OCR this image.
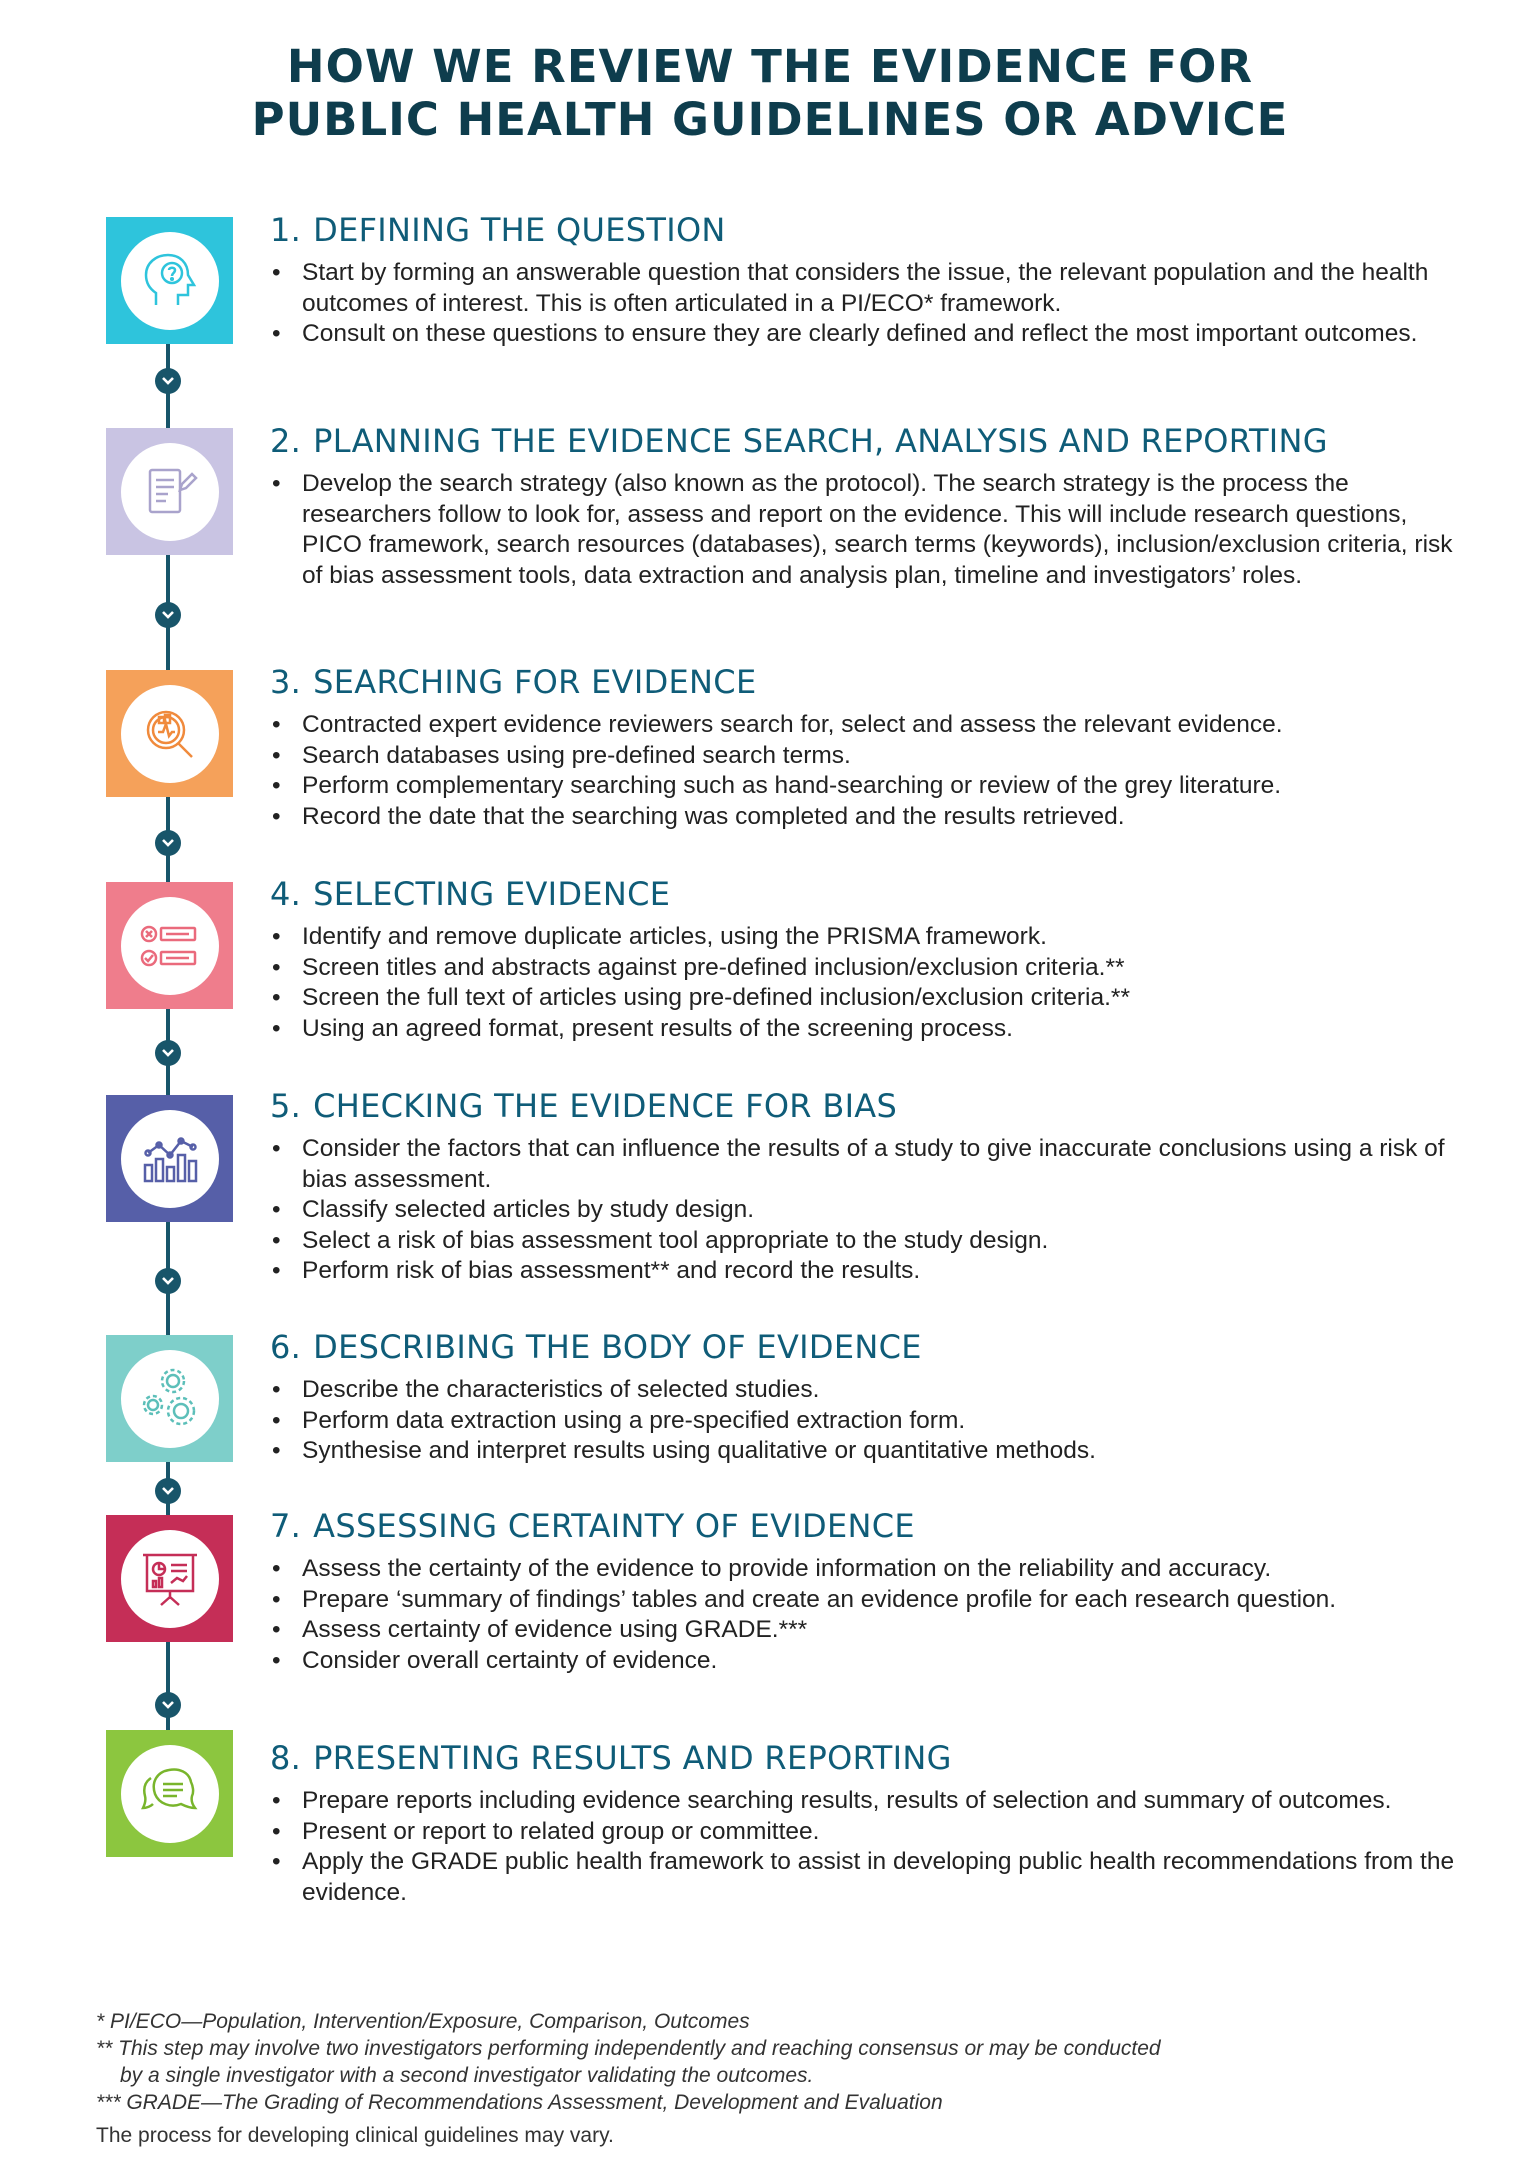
HOW WE REVIEW THE EVIDENCE FOR
PUBLIC HEALTH GUIDELINES OR ADVICE
1. DEFINING THE QUESTION
• Start by forming an answerable question that considers the issue, the relevant population and the health outcomes of interest. This is often articulated in a PI/ECO* framework.
• Consult on these questions to ensure they are clearly defined and reflect the most important outcomes.
2. PLANNING THE EVIDENCE SEARCH, ANALYSIS AND REPORTING
• Develop the search strategy (also known as the protocol). The search strategy is the process the researchers follow to look for, assess and report on the evidence. This will include research questions, PICO framework, search resources (databases), search terms (keywords), inclusion/exclusion criteria, risk of bias assessment tools, data extraction and analysis plan, timeline and investigators’ roles.
3. SEARCHING FOR EVIDENCE
• Contracted expert evidence reviewers search for, select and assess the relevant evidence.
• Search databases using pre-defined search terms.
• Perform complementary searching such as hand-searching or review of the grey literature.
• Record the date that the searching was completed and the results retrieved.
4. SELECTING EVIDENCE
• Identify and remove duplicate articles, using the PRISMA framework.
• Screen titles and abstracts against pre-defined inclusion/exclusion criteria.**
• Screen the full text of articles using pre-defined inclusion/exclusion criteria.**
• Using an agreed format, present results of the screening process.
5. CHECKING THE EVIDENCE FOR BIAS
• Consider the factors that can influence the results of a study to give inaccurate conclusions using a risk of bias assessment.
• Classify selected articles by study design.
• Select a risk of bias assessment tool appropriate to the study design.
• Perform risk of bias assessment** and record the results.
6. DESCRIBING THE BODY OF EVIDENCE
• Describe the characteristics of selected studies.
• Perform data extraction using a pre-specified extraction form.
• Synthesise and interpret results using qualitative or quantitative methods.
7. ASSESSING CERTAINTY OF EVIDENCE
• Assess the certainty of the evidence to provide information on the reliability and accuracy.
• Prepare ‘summary of findings’ tables and create an evidence profile for each research question.
• Assess certainty of evidence using GRADE.***
• Consider overall certainty of evidence.
8. PRESENTING RESULTS AND REPORTING
• Prepare reports including evidence searching results, results of selection and summary of outcomes.
• Present or report to related group or committee.
• Apply the GRADE public health framework to assist in developing public health recommendations from the evidence.

* PI/ECO—Population, Intervention/Exposure, Comparison, Outcomes

** This step may involve two investigators performing independently and reaching consensus or may be conducted

by a single investigator with a second investigator validating the outcomes.

*** GRADE—The Grading of Recommendations Assessment, Development and Evaluation

The process for developing clinical guidelines may vary.
